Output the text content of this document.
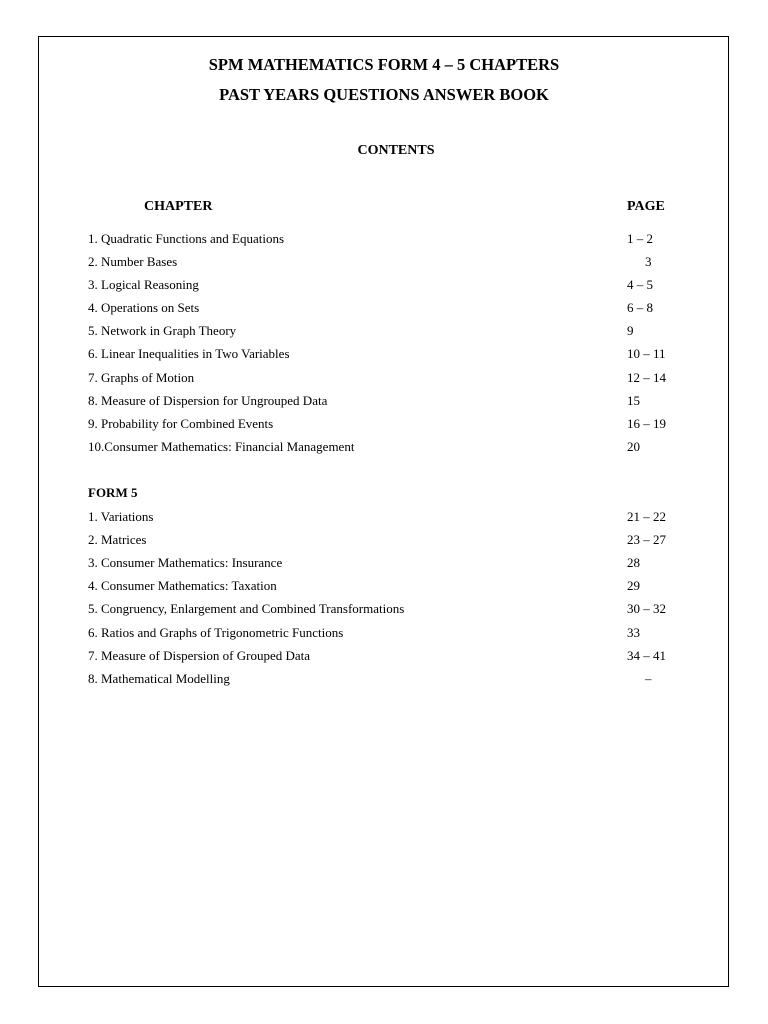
SPM MATHEMATICS FORM 4 – 5 CHAPTERS
PAST YEARS QUESTIONS ANSWER BOOK
CONTENTS
CHAPTER	PAGE
1. Quadratic Functions and Equations	1 – 2
2. Number Bases	3
3. Logical Reasoning	4 – 5
4. Operations on Sets	6 – 8
5. Network in Graph Theory	9
6. Linear Inequalities in Two Variables	10 – 11
7. Graphs of Motion	12 – 14
8. Measure of Dispersion for Ungrouped Data	15
9. Probability for Combined Events	16 – 19
10.Consumer Mathematics: Financial Management	20
FORM 5
1. Variations	21 – 22
2. Matrices	23 – 27
3. Consumer Mathematics: Insurance	28
4. Consumer Mathematics: Taxation	29
5. Congruency, Enlargement and Combined Transformations	30 – 32
6. Ratios and Graphs of Trigonometric Functions	33
7. Measure of Dispersion of Grouped Data	34 – 41
8. Mathematical Modelling	–
